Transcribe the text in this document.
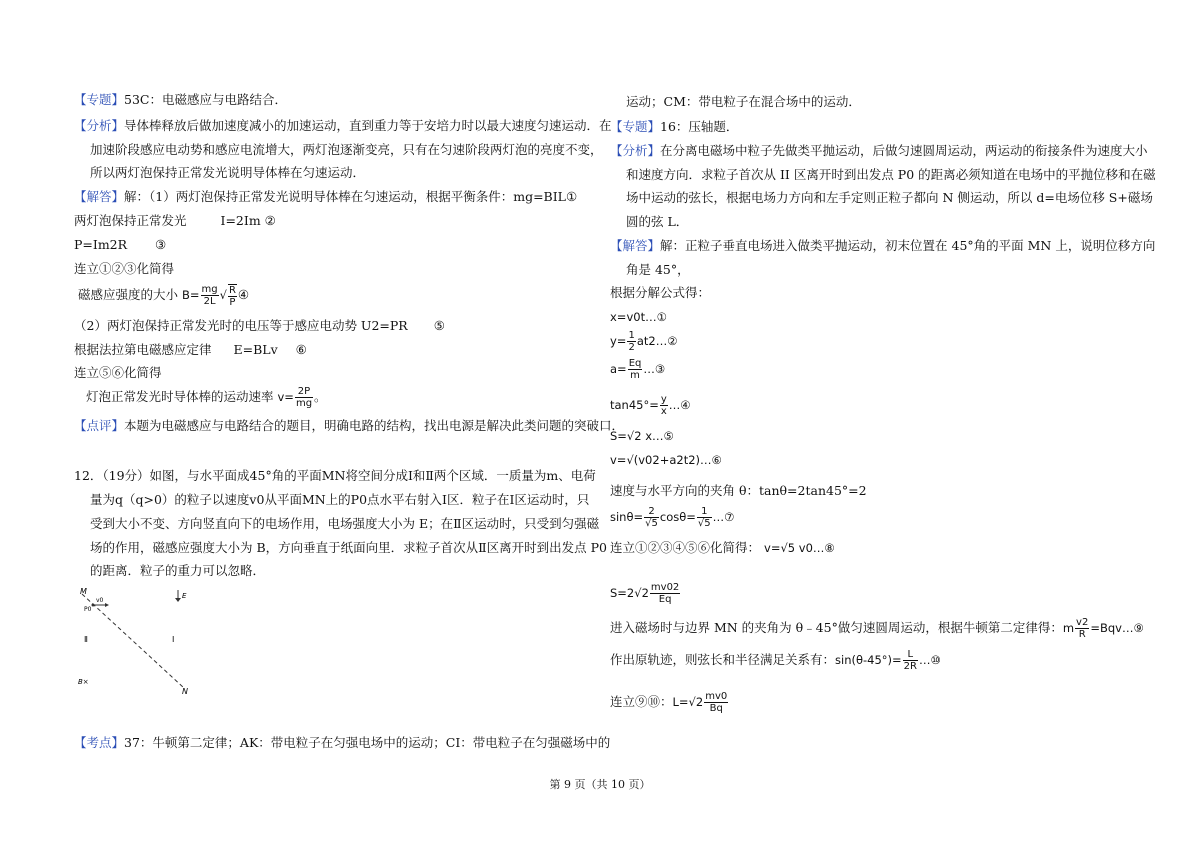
【专题】53C：电磁感应与电路结合．
【分析】导体棒释放后做加速度减小的加速运动，直到重力等于安培力时以最大速度匀速运动．在
加速阶段感应电动势和感应电流增大，两灯泡逐渐变亮，只有在匀速阶段两灯泡的亮度不变，
所以两灯泡保持正常发光说明导体棒在匀速运动．
【解答】解：（1）两灯泡保持正常发光说明导体棒在匀速运动，根据平衡条件：mg=BIL①
两灯泡保持正常发光	I=2Im ②
P=Im2R ③
连立①②③化简得
磁感应强度的大小 $B= \frac{mg}{2L}$ √ $\frac{R}{P}$ ④
（2）两灯泡保持正常发光时的电压等于感应电动势 U2=PR ⑤
根据法拉第电磁感应定律 E=BLv ⑥
连立⑤⑥化简得
灯泡正常发光时导体棒的运动速率 $v= \frac{2P}{mg}$ 。
【点评】本题为电磁感应与电路结合的题目，明确电路的结构，找出电源是解决此类问题的突破口．
12．（19分）如图，与水平面成45°角的平面MN将空间分成Ⅰ和Ⅱ两个区域．一质量为m、电荷
量为q（q>0）的粒子以速度v0从平面MN上的P0点水平右射入Ⅰ区．粒子在Ⅰ区运动时，只
受到大小不变、方向竖直向下的电场作用，电场强度大小为 E；在Ⅱ区运动时，只受到匀强磁
场的作用，磁感应强度大小为 B，方向垂直于纸面向里．求粒子首次从Ⅱ区离开时到出发点 P0
的距离．粒子的重力可以忽略．
M
N
E
v0
P0
Ⅱ	Ⅰ
B×
【考点】37：牛顿第二定律；AK：带电粒子在匀强电场中的运动；CI：带电粒子在匀强磁场中的
运动；CM：带电粒子在混合场中的运动．
【专题】16：压轴题．
【分析】在分离电磁场中粒子先做类平抛运动，后做匀速圆周运动，两运动的衔接条件为速度大小
和速度方向．求粒子首次从 II 区离开时到出发点 P0 的距离必须知道在电场中的平抛位移和在磁
场中运动的弦长，根据电场力方向和左手定则正粒子都向 N 侧运动，所以 d=电场位移 S+磁场
圆的弦 L．
【解答】解：正粒子垂直电场进入做类平抛运动，初末位置在 45°角的平面 MN 上，说明位移方向
角是 45°，
根据分解公式得：
x=v0t…①
$y= \frac{1}{2}$ at2…②
$a= \frac{Eq}{m}$ …③
$\tan 45^\circ= \frac{y}{x}$ …④
S=√2 x…⑤
v=√(v02+a2t2)…⑥
速度与水平方向的夹角 θ：tanθ=2tan45°=2
$\sin\theta= \frac{2}{√5} \cos\theta= \frac{1}{√5}$ …⑦
连立①②③④⑤⑥化简得： v=√5 v0…⑧
$S=2√2 \frac{mv02}{Eq}$
进入磁场时与边界 MN 的夹角为 θ﹣45°做匀速圆周运动，根据牛顿第二定律得：m $\frac{v2}{R}$ =Bqv…⑨
作出原轨迹，则弦长和半径满足关系有：$\sin(\theta-45^\circ)= \frac{L}{2R}$ …⑩
连立⑨⑩：$L=√2 \frac{mv0}{Bq}$
第 9 页（共 10 页）
